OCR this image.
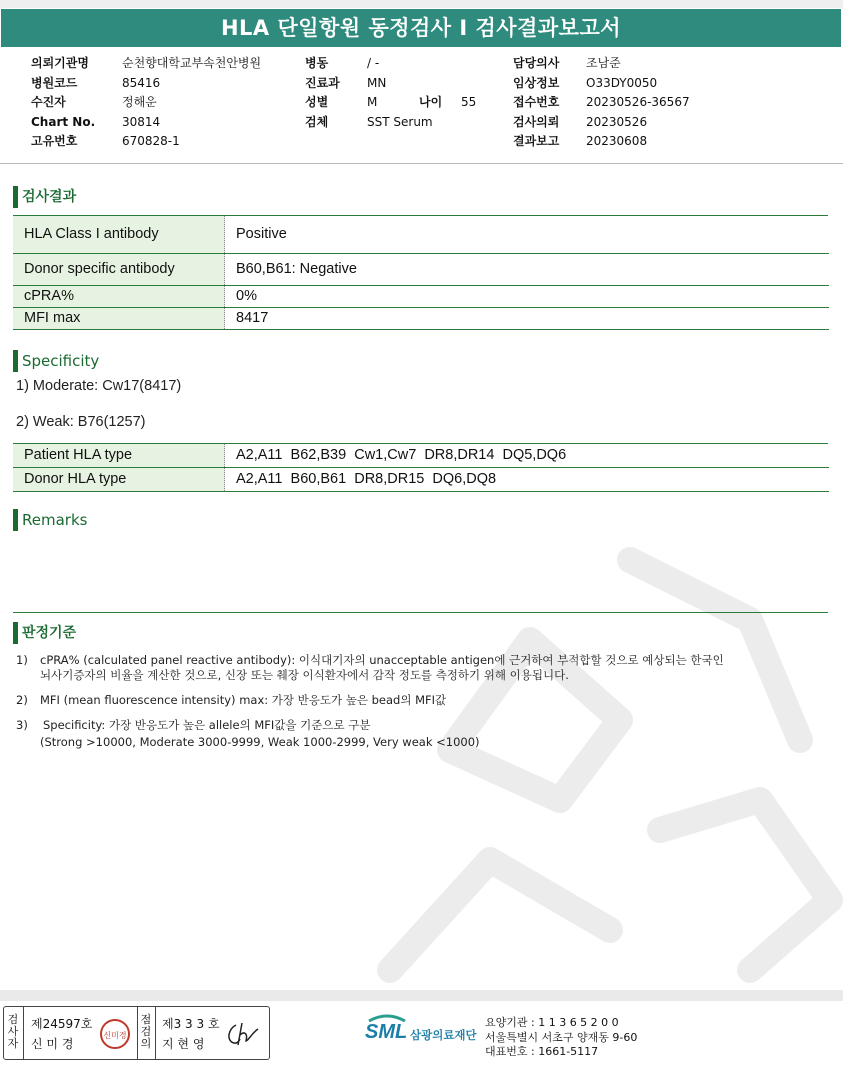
HLA 단일항원 동정검사 I 검사결과보고서
의뢰기관명	순천향대학교부속천안병원
병원코드	85416
수진자	정해운
Chart No. 30814
고유번호	670828-1
병동	/ -
진료과 MN
성별	M	나이 55
검체	SST Serum
담당의사 조남준
임상정보 O33DY0050
접수번호 20230526-36567
검사의뢰 20230526
결과보고 20230608
검사결과
HLA Class I antibody	Positive
Donor specific antibody	B60,B61: Negative
cPRA%	0%
MFI max	8417
Specificity
1) Moderate: Cw17(8417)
2) Weak: B76(1257)
Patient HLA type	A2,A11  B62,B39  Cw1,Cw7  DR8,DR14  DQ5,DQ6
Donor HLA type	A2,A11  B60,B61  DR8,DR15  DQ6,DQ8
Remarks
판정기준
1) cPRA% (calculated panel reactive antibody): 이식대기자의 unacceptable antigen에 근거하여 부적합할 것으로 예상되는 한국인
뇌사기증자의 비율을 계산한 것으로, 신장 또는 췌장 이식환자에서 감작 정도를 측정하기 위해 이용됩니다.
2) MFI (mean fluorescence intensity) max: 가장 반응도가 높은 bead의 MFI값
3) Specificity: 가장 반응도가 높은 allele의 MFI값을 기준으로 구분
(Strong >10000, Moderate 3000-9999, Weak 1000-2999, Very weak <1000)
검사자
제24597호
신 미 경
신미경
점검의
제3 3 3 호
지 현 영
SML 삼광의료재단
요양기관 : 1 1 3 6 5 2 0 0
서울특별시 서초구 양재동 9-60
대표번호 : 1661-5117
